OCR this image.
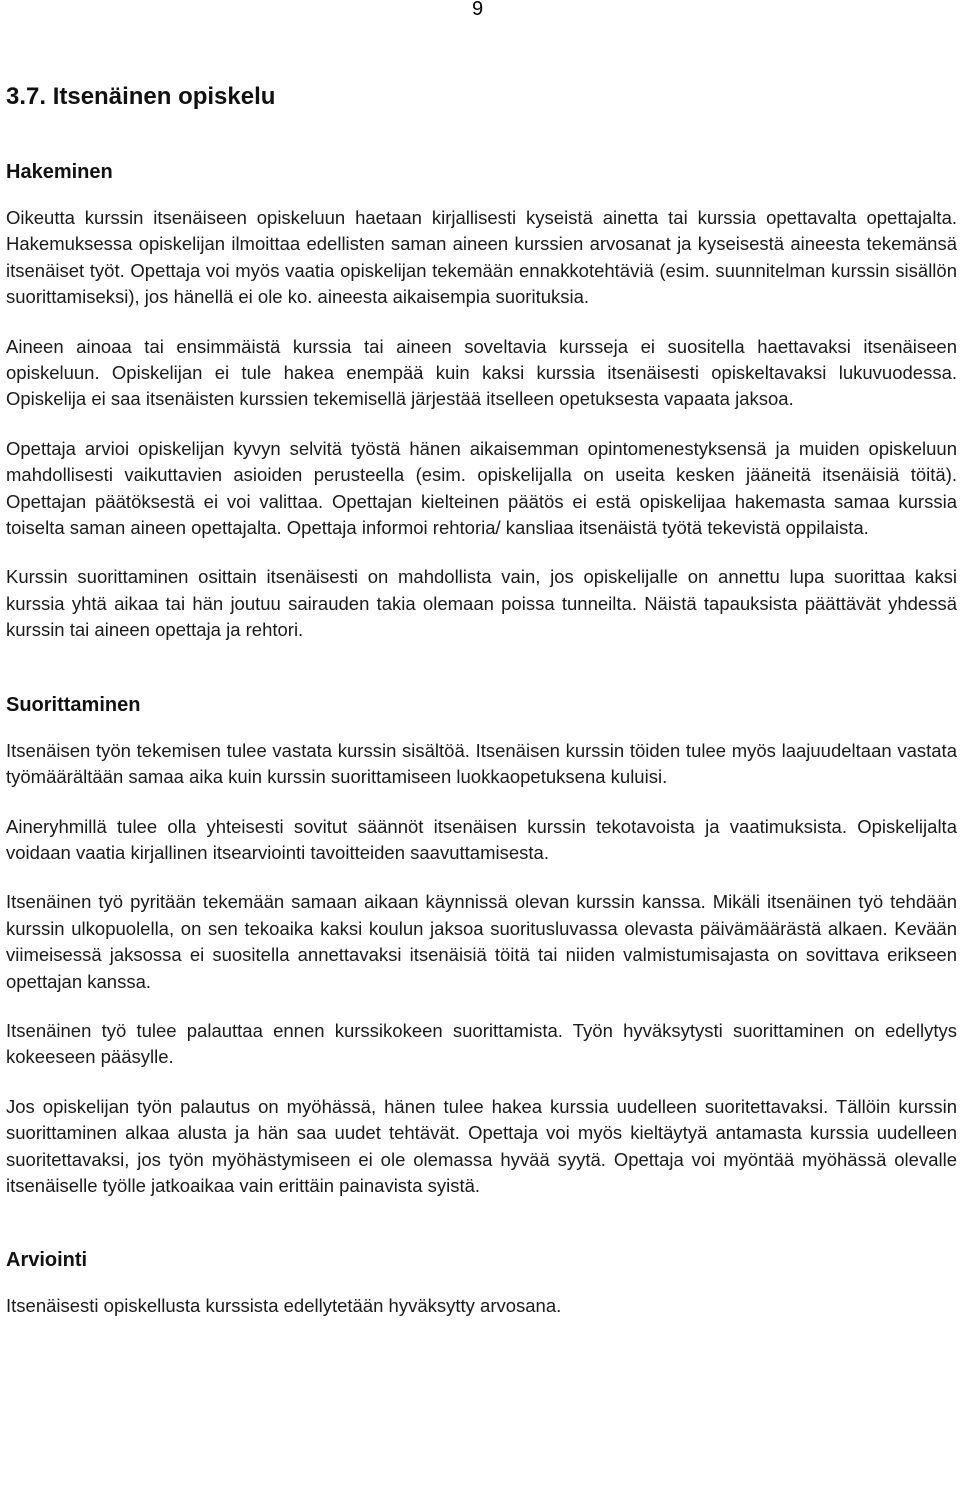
9
3.7. Itsenäinen opiskelu
Hakeminen

Oikeutta kurssin itsenäiseen opiskeluun haetaan kirjallisesti kyseistä ainetta tai kurssia opettavalta opettajalta. Hakemuksessa opiskelijan ilmoittaa edellisten saman aineen kurssien arvosanat ja kyseisestä aineesta tekemänsä itsenäiset työt. Opettaja voi myös vaatia opiskelijan tekemään ennakkotehtäviä (esim. suunnitelman kurssin sisällön suorittamiseksi), jos hänellä ei ole ko. aineesta aikaisempia suorituksia.

Aineen ainoaa tai ensimmäistä kurssia tai aineen soveltavia kursseja ei suositella haettavaksi itsenäiseen opiskeluun. Opiskelijan ei tule hakea enempää kuin kaksi kurssia itsenäisesti opiskeltavaksi lukuvuodessa. Opiskelija ei saa itsenäisten kurssien tekemisellä järjestää itselleen opetuksesta vapaata jaksoa.

Opettaja arvioi opiskelijan kyvyn selvitä työstä hänen aikaisemman opintomenestyksensä ja muiden opiskeluun mahdollisesti vaikuttavien asioiden perusteella (esim. opiskelijalla on useita kesken jääneitä itsenäisiä töitä). Opettajan päätöksestä ei voi valittaa. Opettajan kielteinen päätös ei estä opiskelijaa hakemasta samaa kurssia toiselta saman aineen opettajalta. Opettaja informoi rehtoria/ kansliaa itsenäistä työtä tekevistä oppilaista.

Kurssin suorittaminen osittain itsenäisesti on mahdollista vain, jos opiskelijalle on annettu lupa suorittaa kaksi kurssia yhtä aikaa tai hän joutuu sairauden takia olemaan poissa tunneilta. Näistä tapauksista päättävät yhdessä kurssin tai aineen opettaja ja rehtori.

Suorittaminen

Itsenäisen työn tekemisen tulee vastata kurssin sisältöä. Itsenäisen kurssin töiden tulee myös laajuudeltaan vastata työmäärältään samaa aika kuin kurssin suorittamiseen luokkaopetuksena kuluisi.

Aineryhmillä tulee olla yhteisesti sovitut säännöt itsenäisen kurssin tekotavoista ja vaatimuksista. Opiskelijalta voidaan vaatia kirjallinen itsearviointi tavoitteiden saavuttamisesta.

Itsenäinen työ pyritään tekemään samaan aikaan käynnissä olevan kurssin kanssa. Mikäli itsenäinen työ tehdään kurssin ulkopuolella, on sen tekoaika kaksi koulun jaksoa suoritusluvassa olevasta päivämäärästä alkaen. Kevään viimeisessä jaksossa ei suositella annettavaksi itsenäisiä töitä tai niiden valmistumisajasta on sovittava erikseen opettajan kanssa.

Itsenäinen työ tulee palauttaa ennen kurssikokeen suorittamista. Työn hyväksytysti suorittaminen on edellytys kokeeseen pääsylle.

Jos opiskelijan työn palautus on myöhässä, hänen tulee hakea kurssia uudelleen suoritettavaksi. Tällöin kurssin suorittaminen alkaa alusta ja hän saa uudet tehtävät. Opettaja voi myös kieltäytyä antamasta kurssia uudelleen suoritettavaksi, jos työn myöhästymiseen ei ole olemassa hyvää syytä. Opettaja voi myöntää myöhässä olevalle itsenäiselle työlle jatkoaikaa vain erittäin painavista syistä.

Arviointi

Itsenäisesti opiskellusta kurssista edellytetään hyväksytty arvosana.
